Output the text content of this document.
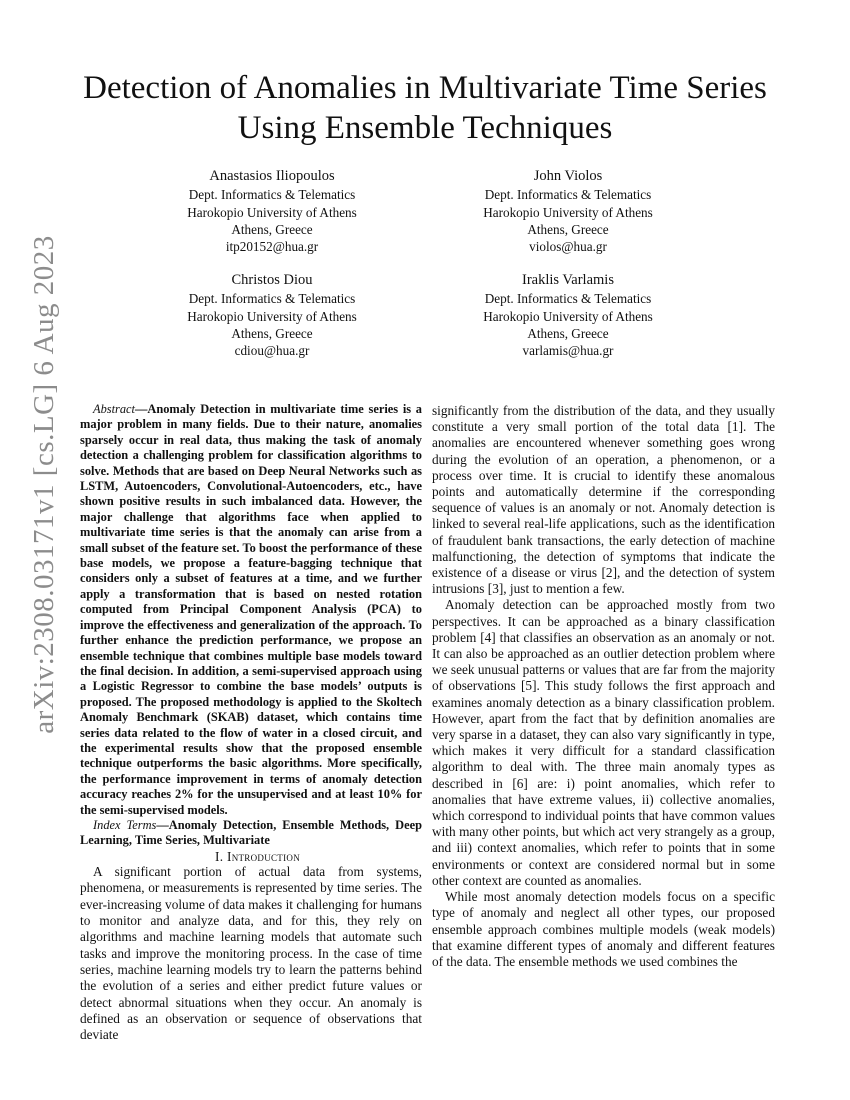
arXiv:2308.03171v1 [cs.LG] 6 Aug 2023
Detection of Anomalies in Multivariate Time Series
Using Ensemble Techniques
Anastasios Iliopoulos
Dept. Informatics & Telematics
Harokopio University of Athens
Athens, Greece
itp20152@hua.gr
John Violos
Dept. Informatics & Telematics
Harokopio University of Athens
Athens, Greece
violos@hua.gr
Christos Diou
Dept. Informatics & Telematics
Harokopio University of Athens
Athens, Greece
cdiou@hua.gr
Iraklis Varlamis
Dept. Informatics & Telematics
Harokopio University of Athens
Athens, Greece
varlamis@hua.gr

Abstract—Anomaly Detection in multivariate time series is a major problem in many fields. Due to their nature, anomalies sparsely occur in real data, thus making the task of anomaly detection a challenging problem for classification algorithms to solve. Methods that are based on Deep Neural Networks such as LSTM, Autoencoders, Convolutional-Autoencoders, etc., have shown positive results in such imbalanced data. However, the major challenge that algorithms face when applied to multivariate time series is that the anomaly can arise from a small subset of the feature set. To boost the performance of these base models, we propose a feature-bagging technique that considers only a subset of features at a time, and we further apply a transformation that is based on nested rotation computed from Principal Component Analysis (PCA) to improve the effectiveness and generalization of the approach. To further enhance the prediction performance, we propose an ensemble technique that combines multiple base models toward the final decision. In addition, a semi-supervised approach using a Logistic Regressor to combine the base models’ outputs is proposed. The proposed methodology is applied to the Skoltech Anomaly Benchmark (SKAB) dataset, which contains time series data related to the flow of water in a closed circuit, and the experimental results show that the proposed ensemble technique outperforms the basic algorithms. More specifically, the performance improvement in terms of anomaly detection accuracy reaches 2% for the unsupervised and at least 10% for the semi-supervised models.

Index Terms—Anomaly Detection, Ensemble Methods, Deep Learning, Time Series, Multivariate

I. Introduction

A significant portion of actual data from systems, phenomena, or measurements is represented by time series. The ever-increasing volume of data makes it challenging for humans to monitor and analyze data, and for this, they rely on algorithms and machine learning models that automate such tasks and improve the monitoring process. In the case of time series, machine learning models try to learn the patterns behind the evolution of a series and either predict future values or detect abnormal situations when they occur. An anomaly is defined as an observation or sequence of observations that deviate

significantly from the distribution of the data, and they usually constitute a very small portion of the total data [1]. The anomalies are encountered whenever something goes wrong during the evolution of an operation, a phenomenon, or a process over time. It is crucial to identify these anomalous points and automatically determine if the corresponding sequence of values is an anomaly or not. Anomaly detection is linked to several real-life applications, such as the identification of fraudulent bank transactions, the early detection of machine malfunctioning, the detection of symptoms that indicate the existence of a disease or virus [2], and the detection of system intrusions [3], just to mention a few.

Anomaly detection can be approached mostly from two perspectives. It can be approached as a binary classification problem [4] that classifies an observation as an anomaly or not. It can also be approached as an outlier detection problem where we seek unusual patterns or values that are far from the majority of observations [5]. This study follows the first approach and examines anomaly detection as a binary classification problem. However, apart from the fact that by definition anomalies are very sparse in a dataset, they can also vary significantly in type, which makes it very difficult for a standard classification algorithm to deal with. The three main anomaly types as described in [6] are: i) point anomalies, which refer to anomalies that have extreme values, ii) collective anomalies, which correspond to individual points that have common values with many other points, but which act very strangely as a group, and iii) context anomalies, which refer to points that in some environments or context are considered normal but in some other context are counted as anomalies.

While most anomaly detection models focus on a specific type of anomaly and neglect all other types, our proposed ensemble approach combines multiple models (weak models) that examine different types of anomaly and different features of the data. The ensemble methods we used combines the
